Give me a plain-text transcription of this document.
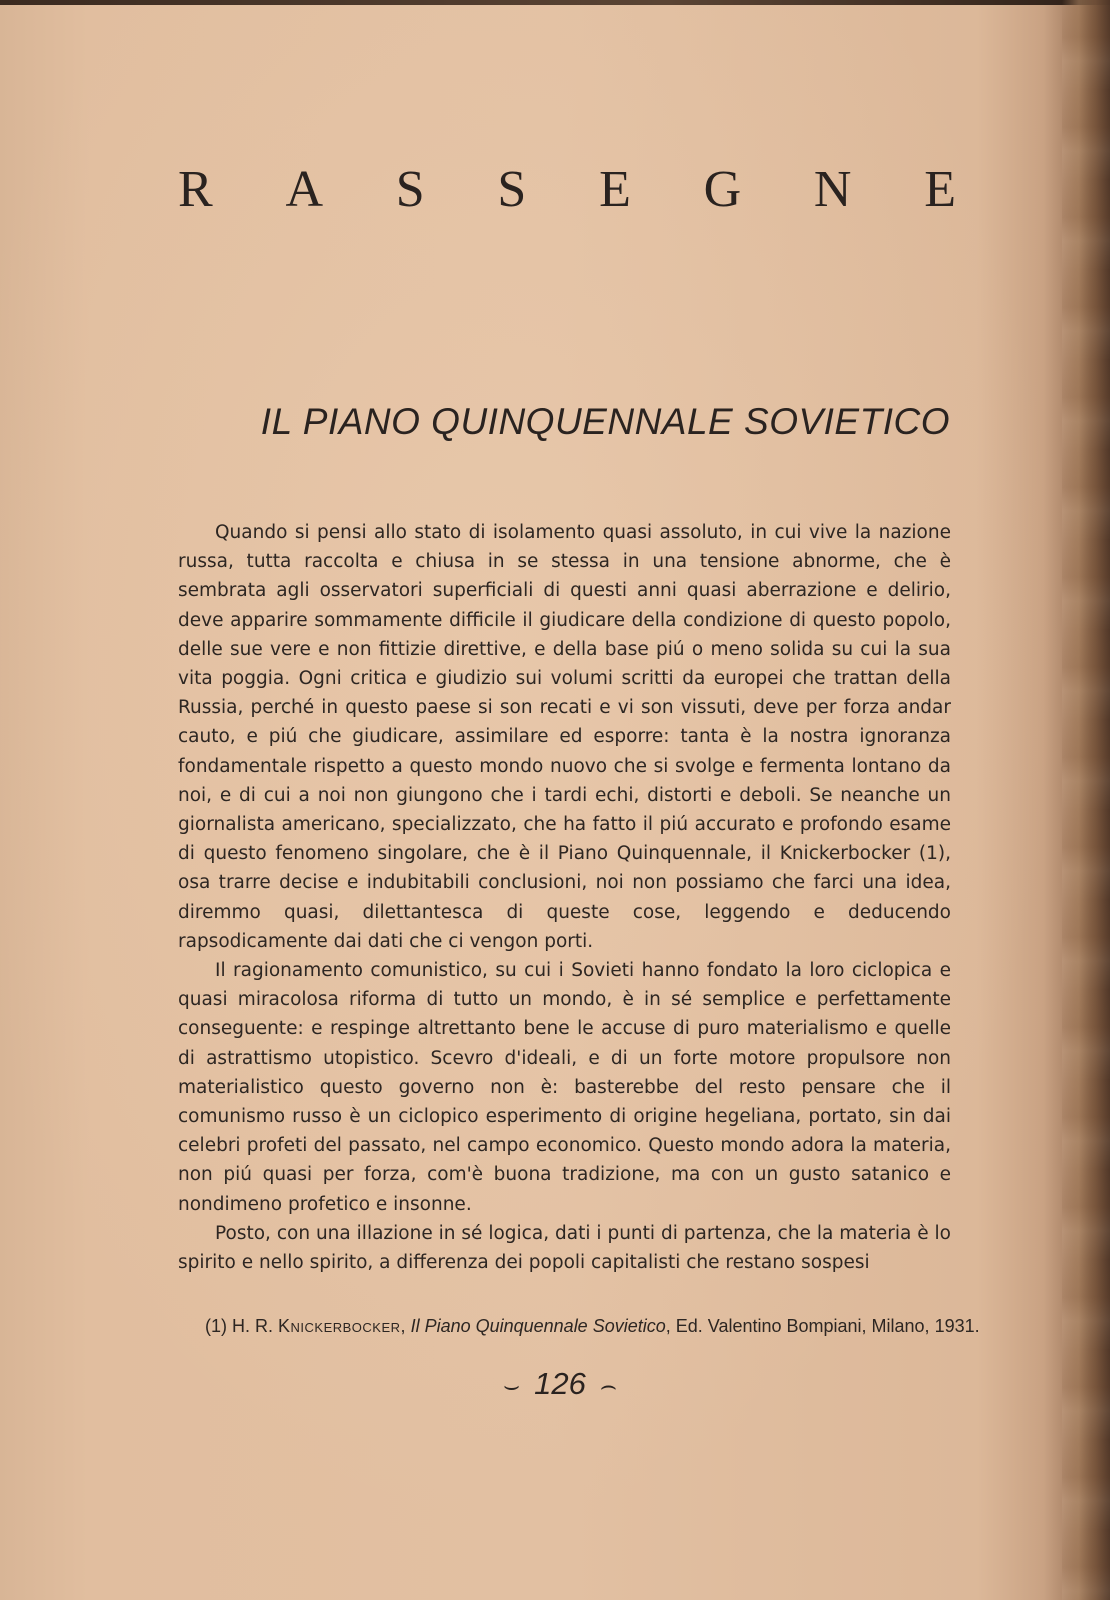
R A S S E G N E
IL PIANO QUINQUENNALE SOVIETICO

Quando si pensi allo stato di isolamento quasi assoluto, in cui vive la nazione russa, tutta raccolta e chiusa in se stessa in una tensione abnorme, che è sembrata agli osservatori superficiali di questi anni quasi aberrazione e delirio, deve apparire sommamente difficile il giudicare della condizione di questo popolo, delle sue vere e non fittizie direttive, e della base piú o meno solida su cui la sua vita poggia. Ogni critica e giudizio sui volumi scritti da europei che trattan della Russia, perché in questo paese si son recati e vi son vissuti, deve per forza andar cauto, e piú che giudicare, assimilare ed esporre: tanta è la nostra ignoranza fondamentale rispetto a questo mondo nuovo che si svolge e fermenta lontano da noi, e di cui a noi non giungono che i tardi echi, distorti e deboli. Se neanche un giornalista americano, specializzato, che ha fatto il piú accurato e profondo esame di questo fenomeno singolare, che è il Piano Quinquennale, il Knickerbocker (1), osa trarre decise e indubitabili conclusioni, noi non possiamo che farci una idea, diremmo quasi, dilettantesca di queste cose, leggendo e deducendo rapsodicamente dai dati che ci vengon porti.

Il ragionamento comunistico, su cui i Sovieti hanno fondato la loro ciclopica e quasi miracolosa riforma di tutto un mondo, è in sé semplice e perfettamente conseguente: e respinge altrettanto bene le accuse di puro materialismo e quelle di astrattismo utopistico. Scevro d'ideali, e di un forte motore propulsore non materialistico questo governo non è: basterebbe del resto pensare che il comunismo russo è un ciclopico esperimento di origine hegeliana, portato, sin dai celebri profeti del passato, nel campo economico. Questo mondo adora la materia, non piú quasi per forza, com'è buona tradizione, ma con un gusto satanico e nondimeno profetico e insonne.

Posto, con una illazione in sé logica, dati i punti di partenza, che la materia è lo spirito e nello spirito, a differenza dei popoli capitalisti che restano sospesi

(1) H. R. Knickerbocker, Il Piano Quinquennale Sovietico, Ed. Valentino Bompiani, Milano, 1931.
⌣ 126 ⌢
